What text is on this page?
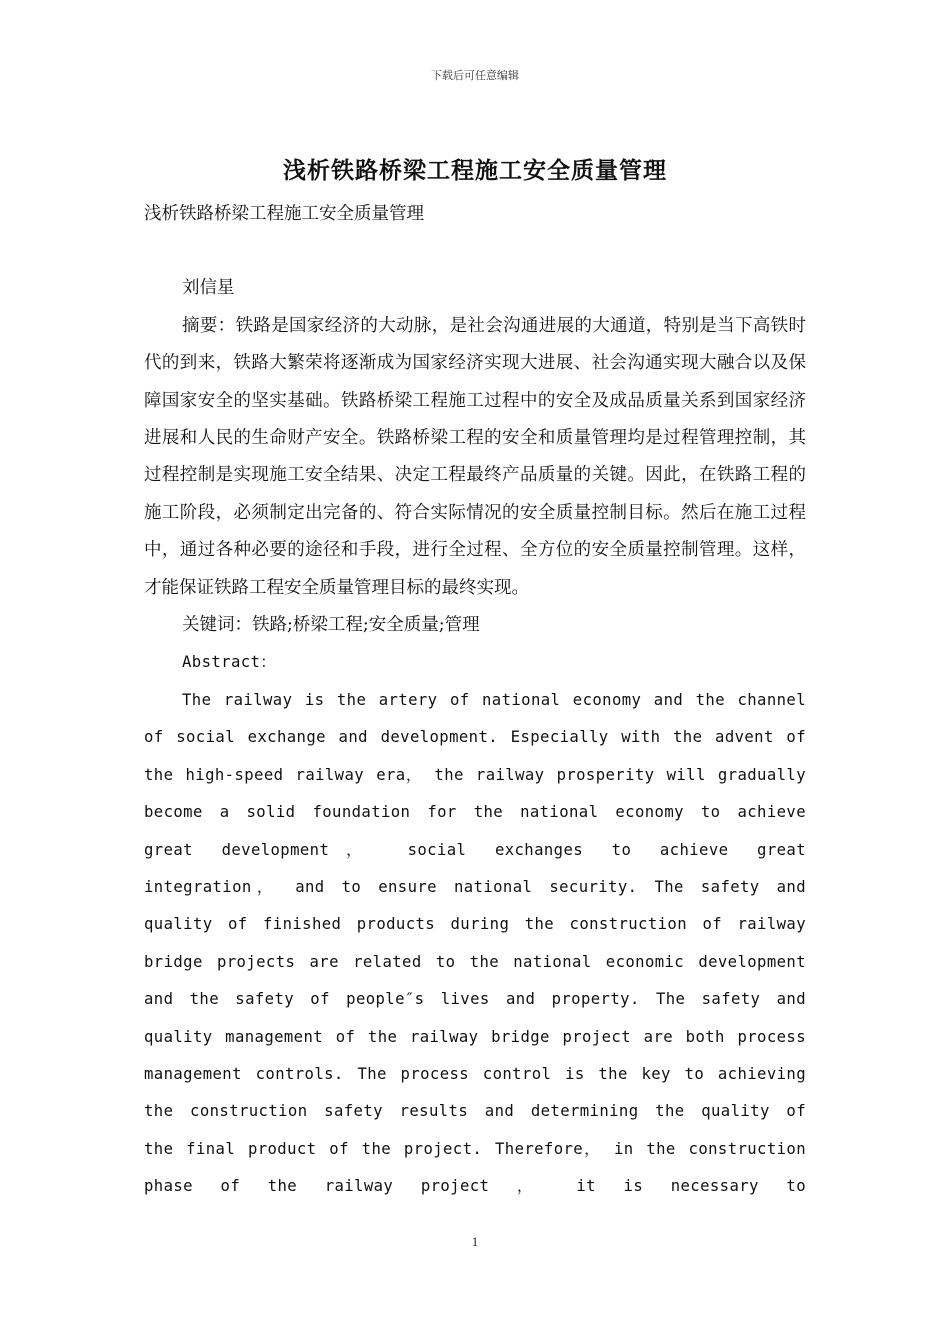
下载后可任意编辑
浅析铁路桥梁工程施工安全质量管理

浅析铁路桥梁工程施工安全质量管理

刘信星

摘要：铁路是国家经济的大动脉，是社会沟通进展的大通道，特别是当下高铁时代的到来，铁路大繁荣将逐渐成为国家经济实现大进展、社会沟通实现大融合以及保障国家安全的坚实基础。铁路桥梁工程施工过程中的安全及成品质量关系到国家经济进展和人民的生命财产安全。铁路桥梁工程的安全和质量管理均是过程管理控制，其过程控制是实现施工安全结果、决定工程最终产品质量的关键。因此，在铁路工程的施工阶段，必须制定出完备的、符合实际情况的安全质量控制目标。然后在施工过程中，通过各种必要的途径和手段，进行全过程、全方位的安全质量控制管理。这样，才能保证铁路工程安全质量管理目标的最终实现。

关键词：铁路;桥梁工程;安全质量;管理

Abstract：

The railway is the artery of national economy and the channel of social exchange and development. Especially with the advent of the high-speed railway era， the railway prosperity will gradually become a solid foundation for the national economy to achieve great development， social exchanges to achieve great integration， and to ensure national security. The safety and quality of finished products during the construction of railway bridge projects are related to the national economic development and the safety of people″s lives and property. The safety and quality management of the railway bridge project are both process management controls. The process control is the key to achieving the construction safety results and determining the quality of the final product of the project. Therefore， in the construction phase of the railway project ， it is necessary to

1
